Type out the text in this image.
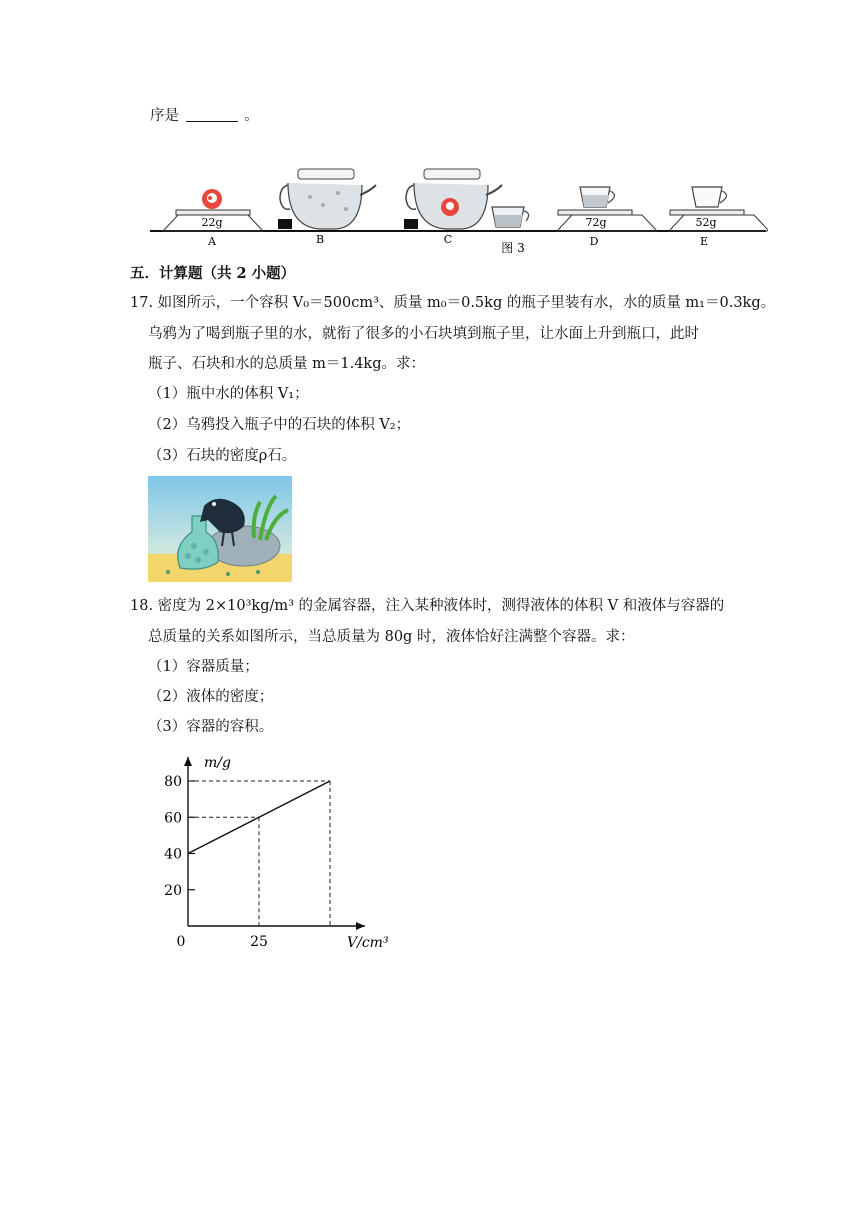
序是	。
22g	72g	52g
A	B	C
图 3	D	E
五．计算题（共 2 小题）
17. 如图所示，一个容积 V₀＝500cm³、质量 m₀＝0.5kg 的瓶子里装有水，水的质量 m₁＝0.3kg。
乌鸦为了喝到瓶子里的水，就衔了很多的小石块填到瓶子里，让水面上升到瓶口，此时
瓶子、石块和水的总质量 m＝1.4kg。求：
（1）瓶中水的体积 V₁；
（2）乌鸦投入瓶子中的石块的体积 V₂；
（3）石块的密度ρ石。
18. 密度为 2×10³kg/m³ 的金属容器，注入某种液体时，测得液体的体积 V 和液体与容器的
总质量的关系如图所示，当总质量为 80g 时，液体恰好注满整个容器。求：
（1）容器质量；
（2）液体的密度；
（3）容器的容积。
20
40
60
80
25
0
m/g
V/cm³
